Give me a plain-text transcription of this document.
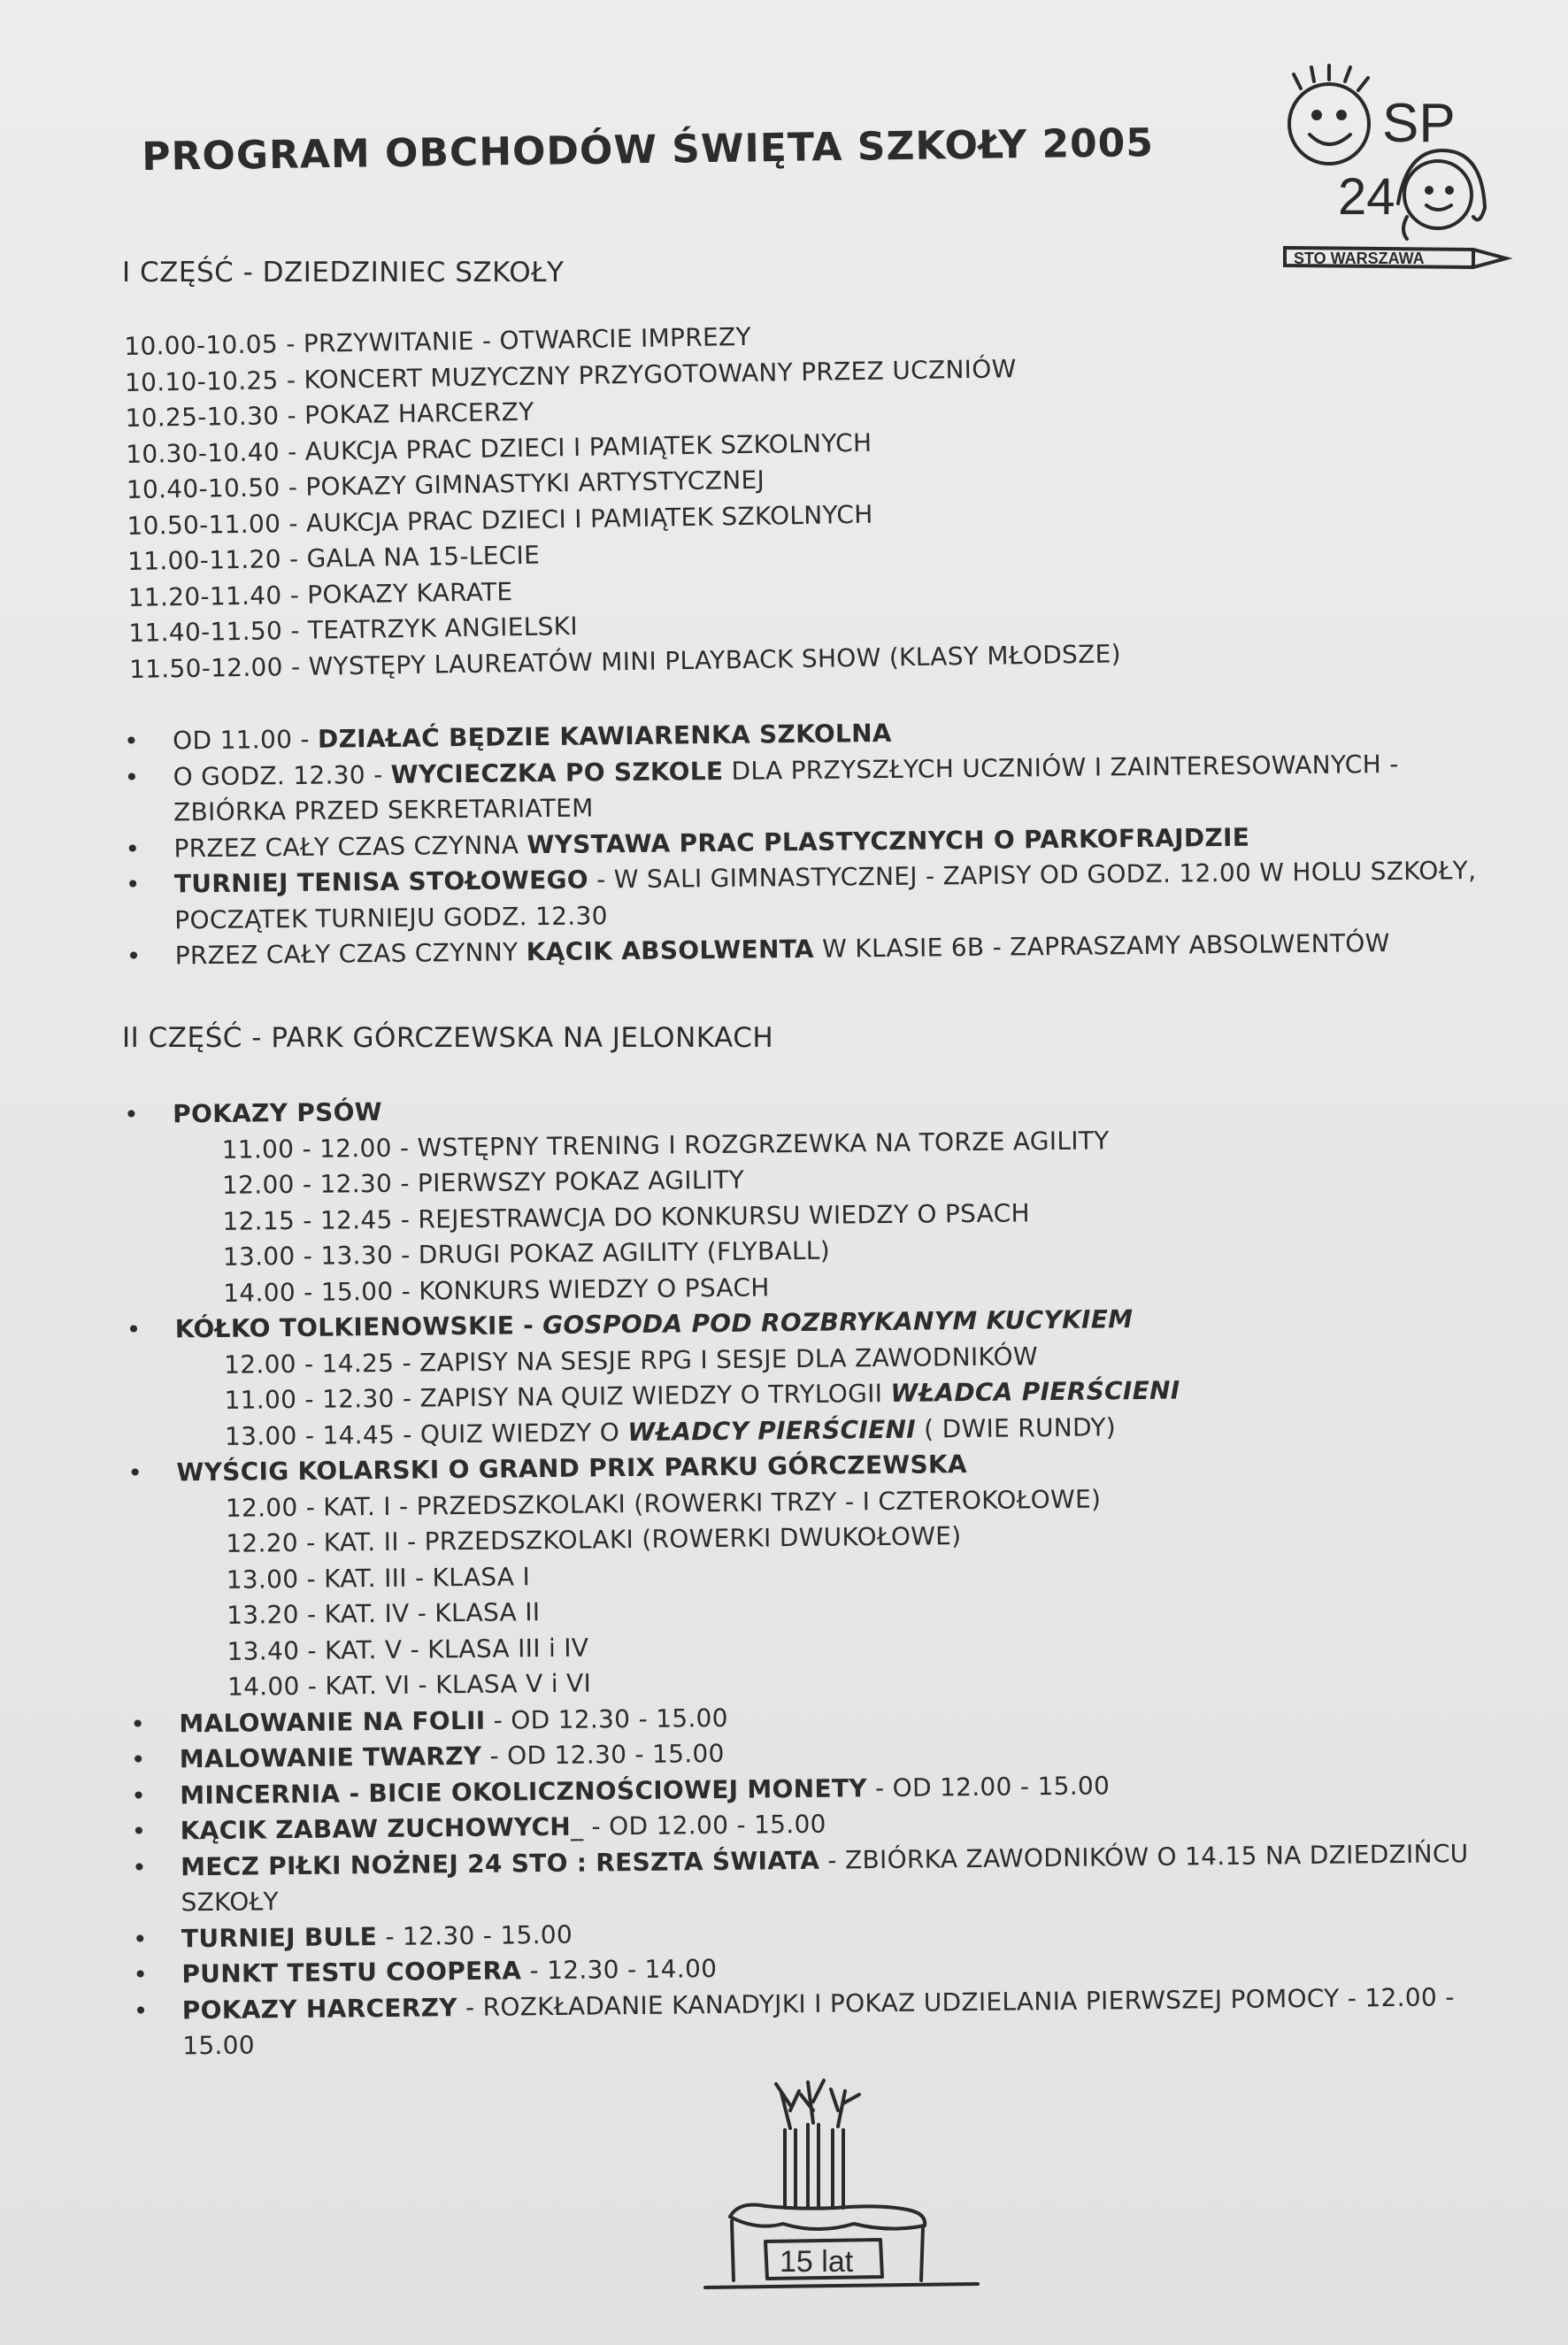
PROGRAM OBCHODÓW ŚWIĘTA SZKOŁY 2005	SP
24
STO WARSZAWA
I CZĘŚĆ - DZIEDZINIEC SZKOŁY
10.00-10.05 - PRZYWITANIE - OTWARCIE IMPREZY
10.10-10.25 - KONCERT MUZYCZNY PRZYGOTOWANY PRZEZ UCZNIÓW
10.25-10.30 - POKAZ HARCERZY
10.30-10.40 - AUKCJA PRAC DZIECI I PAMIĄTEK SZKOLNYCH
10.40-10.50 - POKAZY GIMNASTYKI ARTYSTYCZNEJ
10.50-11.00 - AUKCJA PRAC DZIECI I PAMIĄTEK SZKOLNYCH
11.00-11.20 - GALA NA 15-LECIE
11.20-11.40 - POKAZY KARATE
11.40-11.50 - TEATRZYK ANGIELSKI
11.50-12.00 - WYSTĘPY LAUREATÓW MINI PLAYBACK SHOW (KLASY MŁODSZE)
• OD 11.00 - DZIAŁAĆ BĘDZIE KAWIARENKA SZKOLNA
• O GODZ. 12.30 - WYCIECZKA PO SZKOLE DLA PRZYSZŁYCH UCZNIÓW I ZAINTERESOWANYCH - ZBIÓRKA PRZED SEKRETARIATEM
• PRZEZ CAŁY CZAS CZYNNA WYSTAWA PRAC PLASTYCZNYCH O PARKOFRAJDZIE
• TURNIEJ TENISA STOŁOWEGO - W SALI GIMNASTYCZNEJ - ZAPISY OD GODZ. 12.00 W HOLU SZKOŁY, POCZĄTEK TURNIEJU GODZ. 12.30
• PRZEZ CAŁY CZAS CZYNNY KĄCIK ABSOLWENTA W KLASIE 6B - ZAPRASZAMY ABSOLWENTÓW
II CZĘŚĆ - PARK GÓRCZEWSKA NA JELONKACH
• POKAZY PSÓW
11.00 - 12.00 - WSTĘPNY TRENING I ROZGRZEWKA NA TORZE AGILITY
12.00 - 12.30 - PIERWSZY POKAZ AGILITY
12.15 - 12.45 - REJESTRAWCJA DO KONKURSU WIEDZY O PSACH
13.00 - 13.30 - DRUGI POKAZ AGILITY (FLYBALL)
14.00 - 15.00 - KONKURS WIEDZY O PSACH
• KÓŁKO TOLKIENOWSKIE - GOSPODA POD ROZBRYKANYM KUCYKIEM
12.00 - 14.25 - ZAPISY NA SESJE RPG I SESJE DLA ZAWODNIKÓW
11.00 - 12.30 - ZAPISY NA QUIZ WIEDZY O TRYLOGII WŁADCA PIERŚCIENI
13.00 - 14.45 - QUIZ WIEDZY O WŁADCY PIERŚCIENI ( DWIE RUNDY)
• WYŚCIG KOLARSKI O GRAND PRIX PARKU GÓRCZEWSKA
12.00 - KAT. I - PRZEDSZKOLAKI (ROWERKI TRZY - I CZTEROKOŁOWE)
12.20 - KAT. II - PRZEDSZKOLAKI (ROWERKI DWUKOŁOWE)
13.00 - KAT. III - KLASA I
13.20 - KAT. IV - KLASA II
13.40 - KAT. V - KLASA III i IV
14.00 - KAT. VI - KLASA V i VI
• MALOWANIE NA FOLII - OD 12.30 - 15.00
• MALOWANIE TWARZY - OD 12.30 - 15.00
• MINCERNIA - BICIE OKOLICZNOŚCIOWEJ MONETY - OD 12.00 - 15.00
• KĄCIK ZABAW ZUCHOWYCH_ - OD 12.00 - 15.00
• MECZ PIŁKI NOŻNEJ 24 STO : RESZTA ŚWIATA - ZBIÓRKA ZAWODNIKÓW O 14.15 NA DZIEDZIŃCU SZKOŁY
• TURNIEJ BULE - 12.30 - 15.00
• PUNKT TESTU COOPERA - 12.30 - 14.00
• POKAZY HARCERZY - ROZKŁADANIE KANADYJKI I POKAZ UDZIELANIA PIERWSZEJ POMOCY - 12.00 - 15.00
15 lat
